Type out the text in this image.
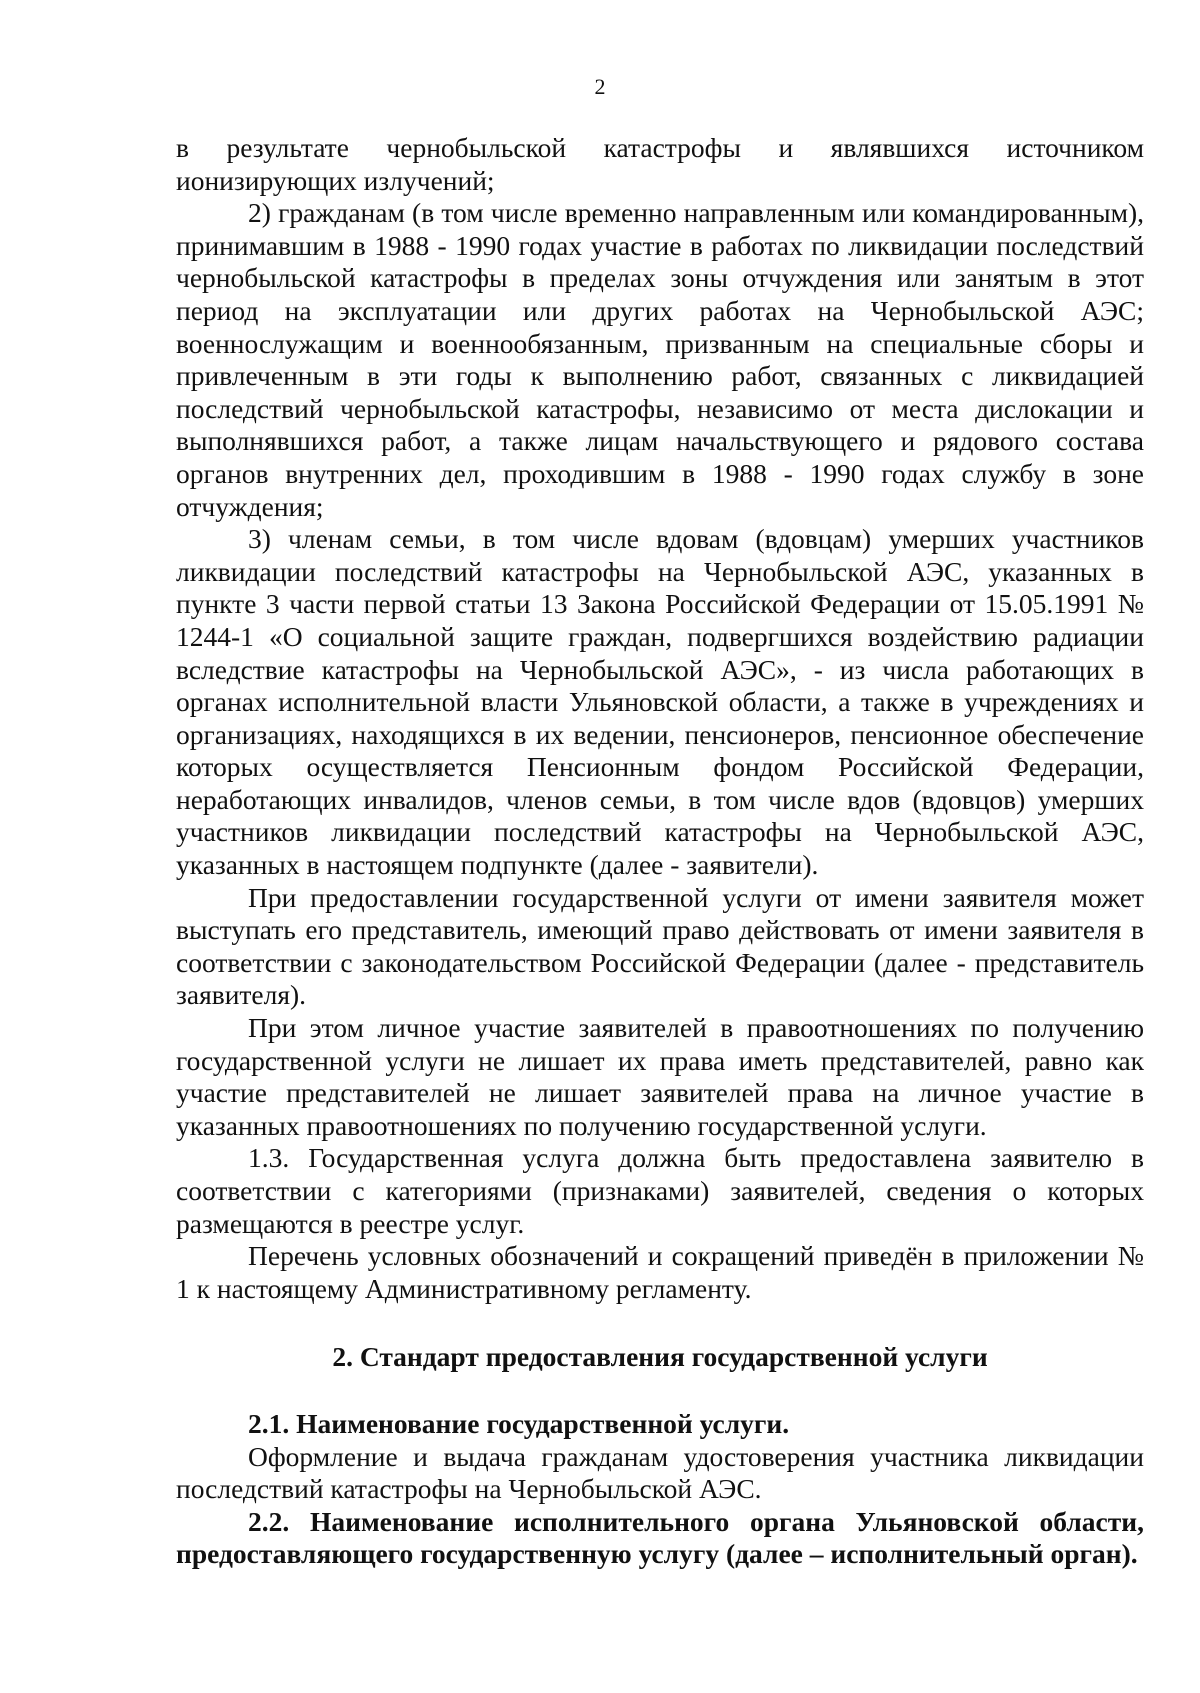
2

в результате чернобыльской катастрофы и являвшихся источником ионизирующих излучений;

2) гражданам (в том числе временно направленным или командированным), принимавшим в 1988 - 1990 годах участие в работах по ликвидации последствий чернобыльской катастрофы в пределах зоны отчуждения или занятым в этот период на эксплуатации или других работах на Чернобыльской АЭС; военнослужащим и военнообязанным, призванным на специальные сборы и привлеченным в эти годы к выполнению работ, связанных с ликвидацией последствий чернобыльской катастрофы, независимо от места дислокации и выполнявшихся работ, а также лицам начальствующего и рядового состава органов внутренних дел, проходившим в 1988 - 1990 годах службу в зоне отчуждения;

3) членам семьи, в том числе вдовам (вдовцам) умерших участников ликвидации последствий катастрофы на Чернобыльской АЭС, указанных в пункте 3 части первой статьи 13 Закона Российской Федерации от 15.05.1991 № 1244-1 «О социальной защите граждан, подвергшихся воздействию радиации вследствие катастрофы на Чернобыльской АЭС», - из числа работающих в органах исполнительной власти Ульяновской области, а также в учреждениях и организациях, находящихся в их ведении, пенсионеров, пенсионное обеспечение которых осуществляется Пенсионным фондом Российской Федерации, неработающих инвалидов, членов семьи, в том числе вдов (вдовцов) умерших участников ликвидации последствий катастрофы на Чернобыльской АЭС, указанных в настоящем подпункте (далее - заявители).

При предоставлении государственной услуги от имени заявителя может выступать его представитель, имеющий право действовать от имени заявителя в соответствии с законодательством Российской Федерации (далее - представитель заявителя).

При этом личное участие заявителей в правоотношениях по получению государственной услуги не лишает их права иметь представителей, равно как участие представителей не лишает заявителей права на личное участие в указанных правоотношениях по получению государственной услуги.

1.3. Государственная услуга должна быть предоставлена заявителю в соответствии с категориями (признаками) заявителей, сведения о которых размещаются в реестре услуг.

Перечень условных обозначений и сокращений приведён в приложении № 1 к настоящему Административному регламенту.

2. Стандарт предоставления государственной услуги

2.1. Наименование государственной услуги.

Оформление и выдача гражданам удостоверения участника ликвидации последствий катастрофы на Чернобыльской АЭС.

2.2. Наименование исполнительного органа Ульяновской области, предоставляющего государственную услугу (далее – исполнительный орган).
